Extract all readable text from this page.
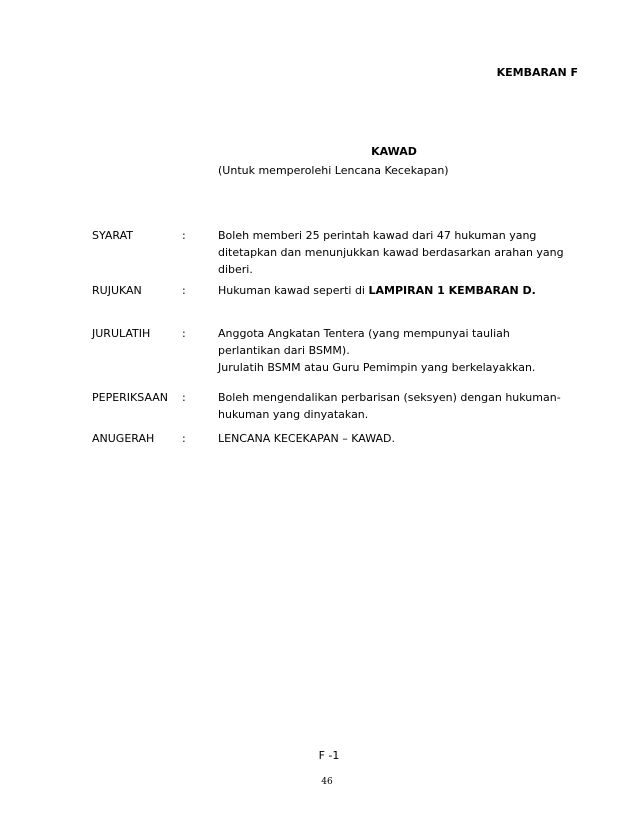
KEMBARAN F
KAWAD
(Untuk memperolehi Lencana Kecekapan)
SYARAT	:	Boleh memberi 25 perintah kawad dari 47 hukuman yang

ditetapkan dan menunjukkan kawad berdasarkan arahan yang

diberi.

RUJUKAN	:	Hukuman kawad seperti di LAMPIRAN 1 KEMBARAN D.

JURULATIH	:	Anggota Angkatan Tentera (yang mempunyai tauliah

perlantikan dari BSMM).

Jurulatih BSMM atau Guru Pemimpin yang berkelayakkan.

PEPERIKSAAN :	Boleh mengendalikan perbarisan (seksyen) dengan hukuman-

hukuman yang dinyatakan.

ANUGERAH	:	LENCANA KECEKAPAN – KAWAD.

F -1
46
